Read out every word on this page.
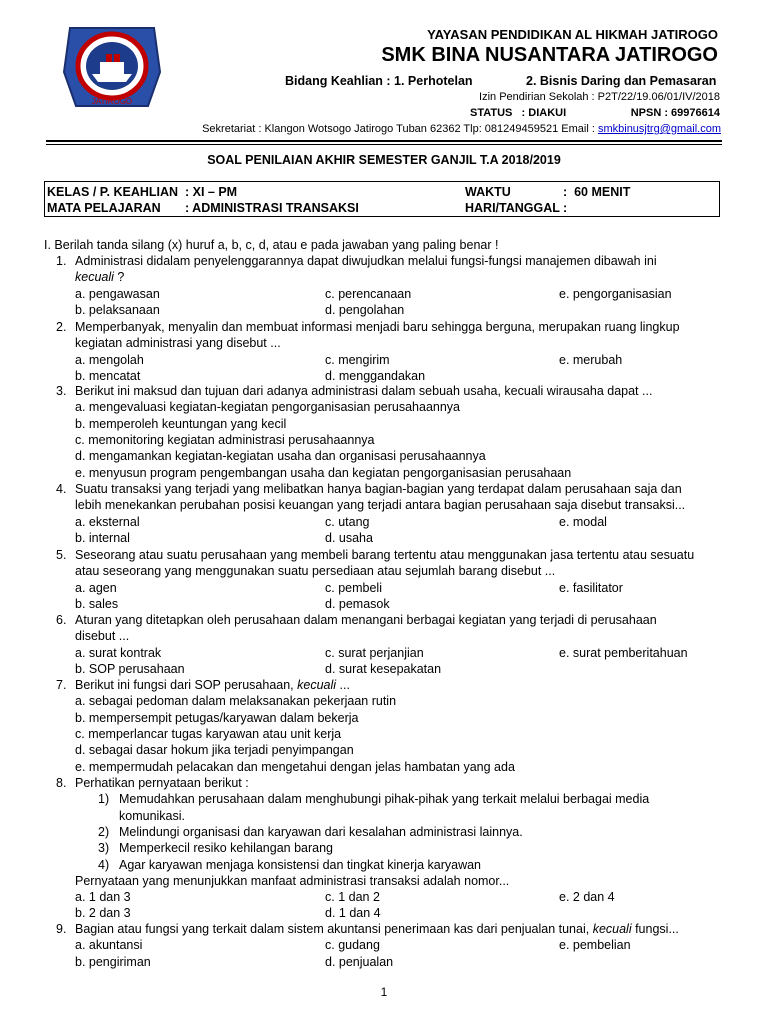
JATIROGO
YAYASAN PENDIDIKAN AL HIKMAH JATIROGO
SMK BINA NUSANTARA JATIROGO
Bidang Keahlian : 1. Perhotelan	2. Bisnis Daring dan Pemasaran
Izin Pendirian Sekolah : P2T/22/19.06/01/IV/2018
STATUS   : DIAKUI	NPSN : 69976614
Sekretariat : Klangon Wotsogo Jatirogo Tuban 62362 Tlp: 081249459521 Email : smkbinusjtrg@gmail.com
SOAL PENILAIAN AKHIR SEMESTER GANJIL T.A 2018/2019
KELAS / P. KEAHLIAN : XI – PM
MATA PELAJARAN : ADMINISTRASI TRANSAKSI
WAKTU	:  60 MENIT
HARI/TANGGAL :
I. Berilah tanda silang (x) huruf a, b, c, d, atau e pada jawaban yang paling benar !
1. Administrasi didalam penyelenggarannya dapat diwujudkan melalui fungsi-fungsi manajemen dibawah ini
kecuali ?
a. pengawasan	c. perencanaan	e. pengorganisasian
b. pelaksanaan	d. pengolahan
2. Memperbanyak, menyalin dan membuat informasi menjadi baru sehingga berguna, merupakan ruang lingkup
kegiatan administrasi yang disebut ...
a. mengolah	c. mengirim	e. merubah
b. mencatat	d. menggandakan
3. Berikut ini maksud dan tujuan dari adanya administrasi dalam sebuah usaha, kecuali wirausaha dapat ...
a. mengevaluasi kegiatan-kegiatan pengorganisasian perusahaannya
b. memperoleh keuntungan yang kecil
c. memonitoring kegiatan administrasi perusahaannya
d. mengamankan kegiatan-kegiatan usaha dan organisasi perusahaannya
e. menyusun program pengembangan usaha dan kegiatan pengorganisasian perusahaan
4. Suatu transaksi yang terjadi yang melibatkan hanya bagian-bagian yang terdapat dalam perusahaan saja dan
lebih menekankan perubahan posisi keuangan yang terjadi antara bagian perusahaan saja disebut transaksi...
a. eksternal	c. utang	e. modal
b. internal	d. usaha
5. Seseorang atau suatu perusahaan yang membeli barang tertentu atau menggunakan jasa tertentu atau sesuatu
atau seseorang yang menggunakan suatu persediaan atau sejumlah barang disebut ...
a. agen	c. pembeli	e. fasilitator
b. sales	d. pemasok
6. Aturan yang ditetapkan oleh perusahaan dalam menangani berbagai kegiatan yang terjadi di perusahaan
disebut ...
a. surat kontrak	c. surat perjanjian	e. surat pemberitahuan
b. SOP perusahaan	d. surat kesepakatan
7. Berikut ini fungsi dari SOP perusahaan, kecuali ...
a. sebagai pedoman dalam melaksanakan pekerjaan rutin
b. mempersempit petugas/karyawan dalam bekerja
c. memperlancar tugas karyawan atau unit kerja
d. sebagai dasar hokum jika terjadi penyimpangan
e. mempermudah pelacakan dan mengetahui dengan jelas hambatan yang ada
8. Perhatikan pernyataan berikut :
1) Memudahkan perusahaan dalam menghubungi pihak-pihak yang terkait melalui berbagai media
komunikasi.
2) Melindungi organisasi dan karyawan dari kesalahan administrasi lainnya.
3) Memperkecil resiko kehilangan barang
4) Agar karyawan menjaga konsistensi dan tingkat kinerja karyawan
Pernyataan yang menunjukkan manfaat administrasi transaksi adalah nomor...
a. 1 dan 3	c. 1 dan 2	e. 2 dan 4
b. 2 dan 3	d. 1 dan 4
9. Bagian atau fungsi yang terkait dalam sistem akuntansi penerimaan kas dari penjualan tunai, kecuali fungsi...
a. akuntansi	c. gudang	e. pembelian
b. pengiriman	d. penjualan
1
